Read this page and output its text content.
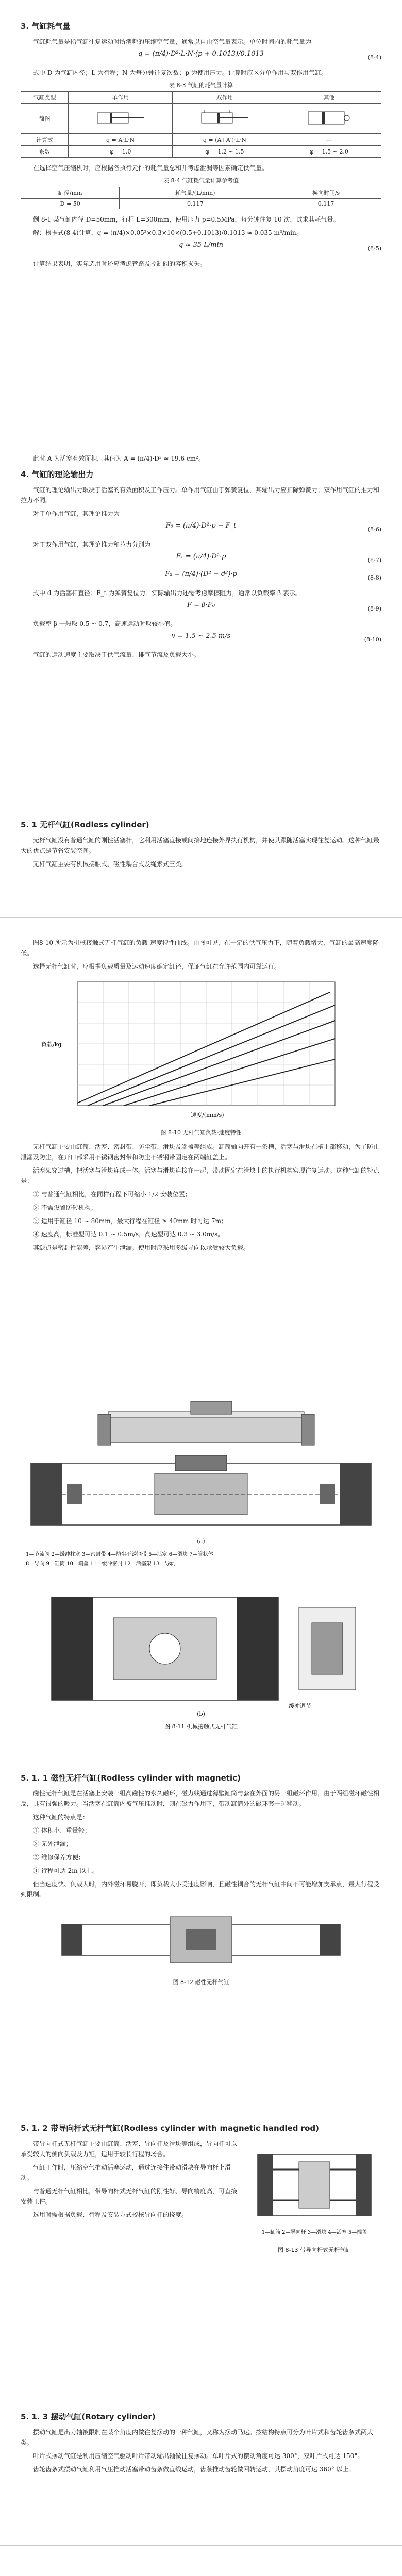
3. 气缸耗气量

气缸耗气量是指气缸往复运动时所消耗的压缩空气量，通常以自由空气量表示。单位时间内的耗气量为

q = (π/4)·D²·L·N·(p + 0.1013)/0.1013	(8-4)

式中 D 为气缸内径；L 为行程；N 为每分钟往复次数；p 为使用压力。计算时应区分单作用与双作用气缸。

表 8-3 气缸的耗气量计算
气缸类型	单作用	双作用	其他
简图			
计算式	q = A·L·N	q = (A+A')·L·N	—
系数	φ = 1.0	φ = 1.2 ~ 1.5	φ = 1.5 ~ 2.0

在选择空气压缩机时，应根据各执行元件的耗气量总和并考虑泄漏等因素确定供气量。

表 8-4 气缸耗气量计算参考值
缸径/mm	耗气量/(L/min)	换向时间/s
D = 50	0.117	0.117

例 8-1 某气缸内径 D=50mm，行程 L=300mm，使用压力 p=0.5MPa，每分钟往复 10 次，试求其耗气量。

解：根据式(8-4)计算，q = (π/4)×0.05²×0.3×10×(0.5+0.1013)/0.1013 ≈ 0.035 m³/min。

q ≈ 35 L/min	(8-5)

计算结果表明，实际选用时还应考虑管路及控制阀的容积损失。

此时 A 为活塞有效面积，其值为 A = (π/4)·D² ≈ 19.6 cm²。

4. 气缸的理论输出力

气缸的理论输出力取决于活塞的有效面积及工作压力。单作用气缸由于弹簧复位，其输出力应扣除弹簧力；双作用气缸的推力和拉力不同。

对于单作用气缸，其理论推力为

F₀ = (π/4)·D²·p − F_t	(8-6)

对于双作用气缸，其理论推力和拉力分别为

F₁ = (π/4)·D²·p	(8-7)
F₂ = (π/4)·(D² − d²)·p	(8-8)

式中 d 为活塞杆直径；F_t 为弹簧复位力。实际输出力还需考虑摩擦阻力，通常以负载率 β 表示。

F = β·F₀	(8-9)

负载率 β 一般取 0.5 ~ 0.7，高速运动时取较小值。

v = 1.5 ~ 2.5 m/s	(8-10)

气缸的运动速度主要取决于供气流量、排气节流及负载大小。

5. 1 无杆气缸(Rodless cylinder)

无杆气缸没有普通气缸的刚性活塞杆，它利用活塞直接或间接地连接外界执行机构，并使其跟随活塞实现往复运动。这种气缸最大的优点是节省安装空间。

无杆气缸主要有机械接触式、磁性耦合式及绳索式三类。

图8-10 所示为机械接触式无杆气缸的负载-速度特性曲线。由图可见，在一定的供气压力下，随着负载增大，气缸的最高速度降低。

选择无杆气缸时，应根据负载质量及运动速度确定缸径，保证气缸在允许范围内可靠运行。

负载/kg
速度/(mm/s)
图 8-10 无杆气缸负载-速度特性

无杆气缸主要由缸筒、活塞、密封带、防尘带、滑块及端盖等组成。缸筒轴向开有一条槽，活塞与滑块在槽上部移动，为了防止泄漏及防尘，在开口部采用不锈钢密封带和防尘不锈钢带固定在两端缸盖上。

活塞架穿过槽，把活塞与滑块连成一体。活塞与滑块连接在一起，带动固定在滑块上的执行机构实现往复运动。这种气缸的特点是：

① 与普通气缸相比，在同样行程下可缩小 1/2 安装位置；

② 不需设置防转机构；

③ 适用于缸径 10 ~ 80mm，最大行程在缸径 ≥ 40mm 时可达 7m；

④ 速度高，标准型可达 0.1 ~ 0.5m/s，高速型可达 0.3 ~ 3.0m/s。

其缺点是密封性能差，容易产生泄漏。使用时应采用多级导向以承受较大负载。

(a)
1—节流阀 2—缓冲柱塞 3—密封带 4—防尘不锈钢带 5—活塞 6—滑块 7—管状体
8—导向 9—缸筒 10—端盖 11—缓冲密封 12—活塞架 13—导轨
缓冲调节
(b)
图 8-11 机械接触式无杆气缸
5. 1. 1 磁性无杆气缸(Rodless cylinder with magnetic)

磁性无杆气缸是在活塞上安装一组高磁性的永久磁环，磁力线通过薄壁缸筒与套在外面的另一组磁环作用，由于两组磁环磁性相反，具有很强的吸力。当活塞在缸筒内被气压推动时，则在磁力作用下，带动缸筒外的磁环套一起移动。

这种气缸的特点是：

① 体积小、重量轻；

② 无外泄漏；

③ 维修保养方便；

④ 行程可达 2m 以上。

但当速度快、负载大时，内外磁环易脱开，即负载大小受速度影响，且磁性耦合的无杆气缸中间不可能增加支承点，最大行程受到限制。

图 8-12 磁性无杆气缸
5. 1. 2 带导向杆式无杆气缸(Rodless cylinder with magnetic handled rod)

带导向杆式无杆气缸主要由缸筒、活塞、导向杆及滑块等组成，导向杆可以承受较大的侧向负载及力矩，适用于较长行程的场合。

气缸工作时，压缩空气推动活塞运动，通过连接件带动滑块在导向杆上滑动。

与普通无杆气缸相比，带导向杆式无杆气缸的刚性好、导向精度高，可直接安装工件。

选用时需根据负载、行程及安装方式校核导向杆的挠度。

1—缸筒 2—导向杆 3—滑块 4—活塞 5—端盖
图 8-13 带导向杆式无杆气缸
5. 1. 3 摆动气缸(Rotary cylinder)

摆动气缸是出力轴被限制在某个角度内做往复摆动的一种气缸，又称为摆动马达。按结构特点可分为叶片式和齿轮齿条式两大类。

叶片式摆动气缸是利用压缩空气驱动叶片带动输出轴做往复摆动。单叶片式的摆动角度可达 300°，双叶片式可达 150°。

齿轮齿条式摆动气缸利用气压推动活塞带动齿条做直线运动，齿条推动齿轮做回转运动，其摆动角度可达 360° 以上。
